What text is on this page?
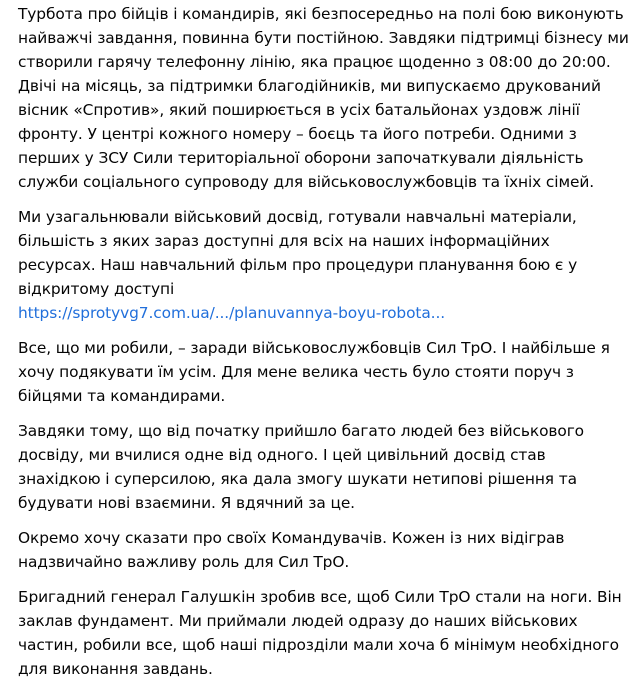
Турбота про бійців і командирів, які безпосередньо на полі бою виконують найважчі завдання, повинна бути постійною. Завдяки підтримці бізнесу ми створили гарячу телефонну лінію, яка працює щоденно з 08:00 до 20:00. Двічі на місяць, за підтримки благодійників, ми випускаємо друкований вісник «Спротив», який поширюється в усіх батальйонах уздовж лінії фронту. У центрі кожного номеру – боєць та його потреби. Одними з перших у ЗСУ Сили територіальної оборони започаткували діяльність служби соціального супроводу для військовослужбовців та їхніх сімей.

Ми узагальнювали військовий досвід, готували навчальні матеріали, більшість з яких зараз доступні для всіх на наших інформаційних ресурсах. Наш навчальний фільм про процедури планування бою є у відкритому доступі
https://sprotyvg7.com.ua/.../planuvannya-boyu-robota...

Все, що ми робили, – заради військовослужбовців Сил ТрО. І найбільше я хочу подякувати їм усім. Для мене велика честь було стояти поруч з бійцями та командирами.

Завдяки тому, що від початку прийшло багато людей без військового досвіду, ми вчилися одне від одного. І цей цивільний досвід став знахідкою і суперсилою, яка дала змогу шукати нетипові рішення та будувати нові взаємини. Я вдячний за це.

Окремо хочу сказати про своїх Командувачів. Кожен із них відіграв надзвичайно важливу роль для Сил ТрО.

Бригадний генерал Галушкін зробив все, щоб Сили ТрО стали на ноги. Він заклав фундамент. Ми приймали людей одразу до наших військових частин, робили все, щоб наші підрозділи мали хоча б мінімум необхідного для виконання завдань.
